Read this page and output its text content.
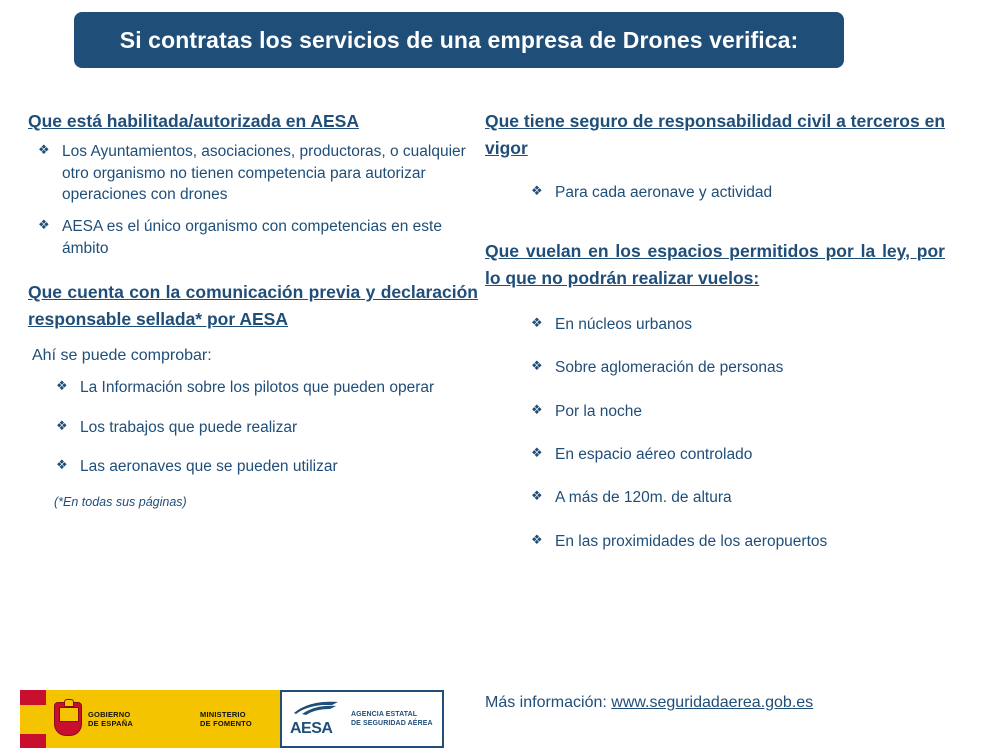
Si contratas los servicios de una empresa de Drones verifica:
Que está habilitada/autorizada en AESA
❖ Los Ayuntamientos, asociaciones, productoras, o cualquier otro organismo no tienen competencia para autorizar operaciones con drones
❖ AESA es el único organismo con competencias en este ámbito
Que cuenta con la comunicación previa y declaración responsable sellada* por AESA
Ahí se puede comprobar:
❖ La Información sobre los pilotos que pueden operar
❖ Los trabajos que puede realizar
❖ Las aeronaves que se pueden utilizar
(*En todas sus páginas)
Que tiene seguro de responsabilidad civil a terceros en vigor
❖ Para cada aeronave y actividad
Que vuelan en los espacios permitidos por la ley, por lo que no podrán realizar vuelos:
❖ En núcleos urbanos
❖ Sobre aglomeración de personas
❖ Por la noche
❖ En espacio aéreo controlado
❖ A más de 120m. de altura
❖ En las proximidades de los aeropuertos
GOBIERNO
DE ESPAÑA
MINISTERIO
DE FOMENTO AESA
AGENCIA ESTATAL
DE SEGURIDAD AÉREA
Más información: www.seguridadaerea.gob.es
